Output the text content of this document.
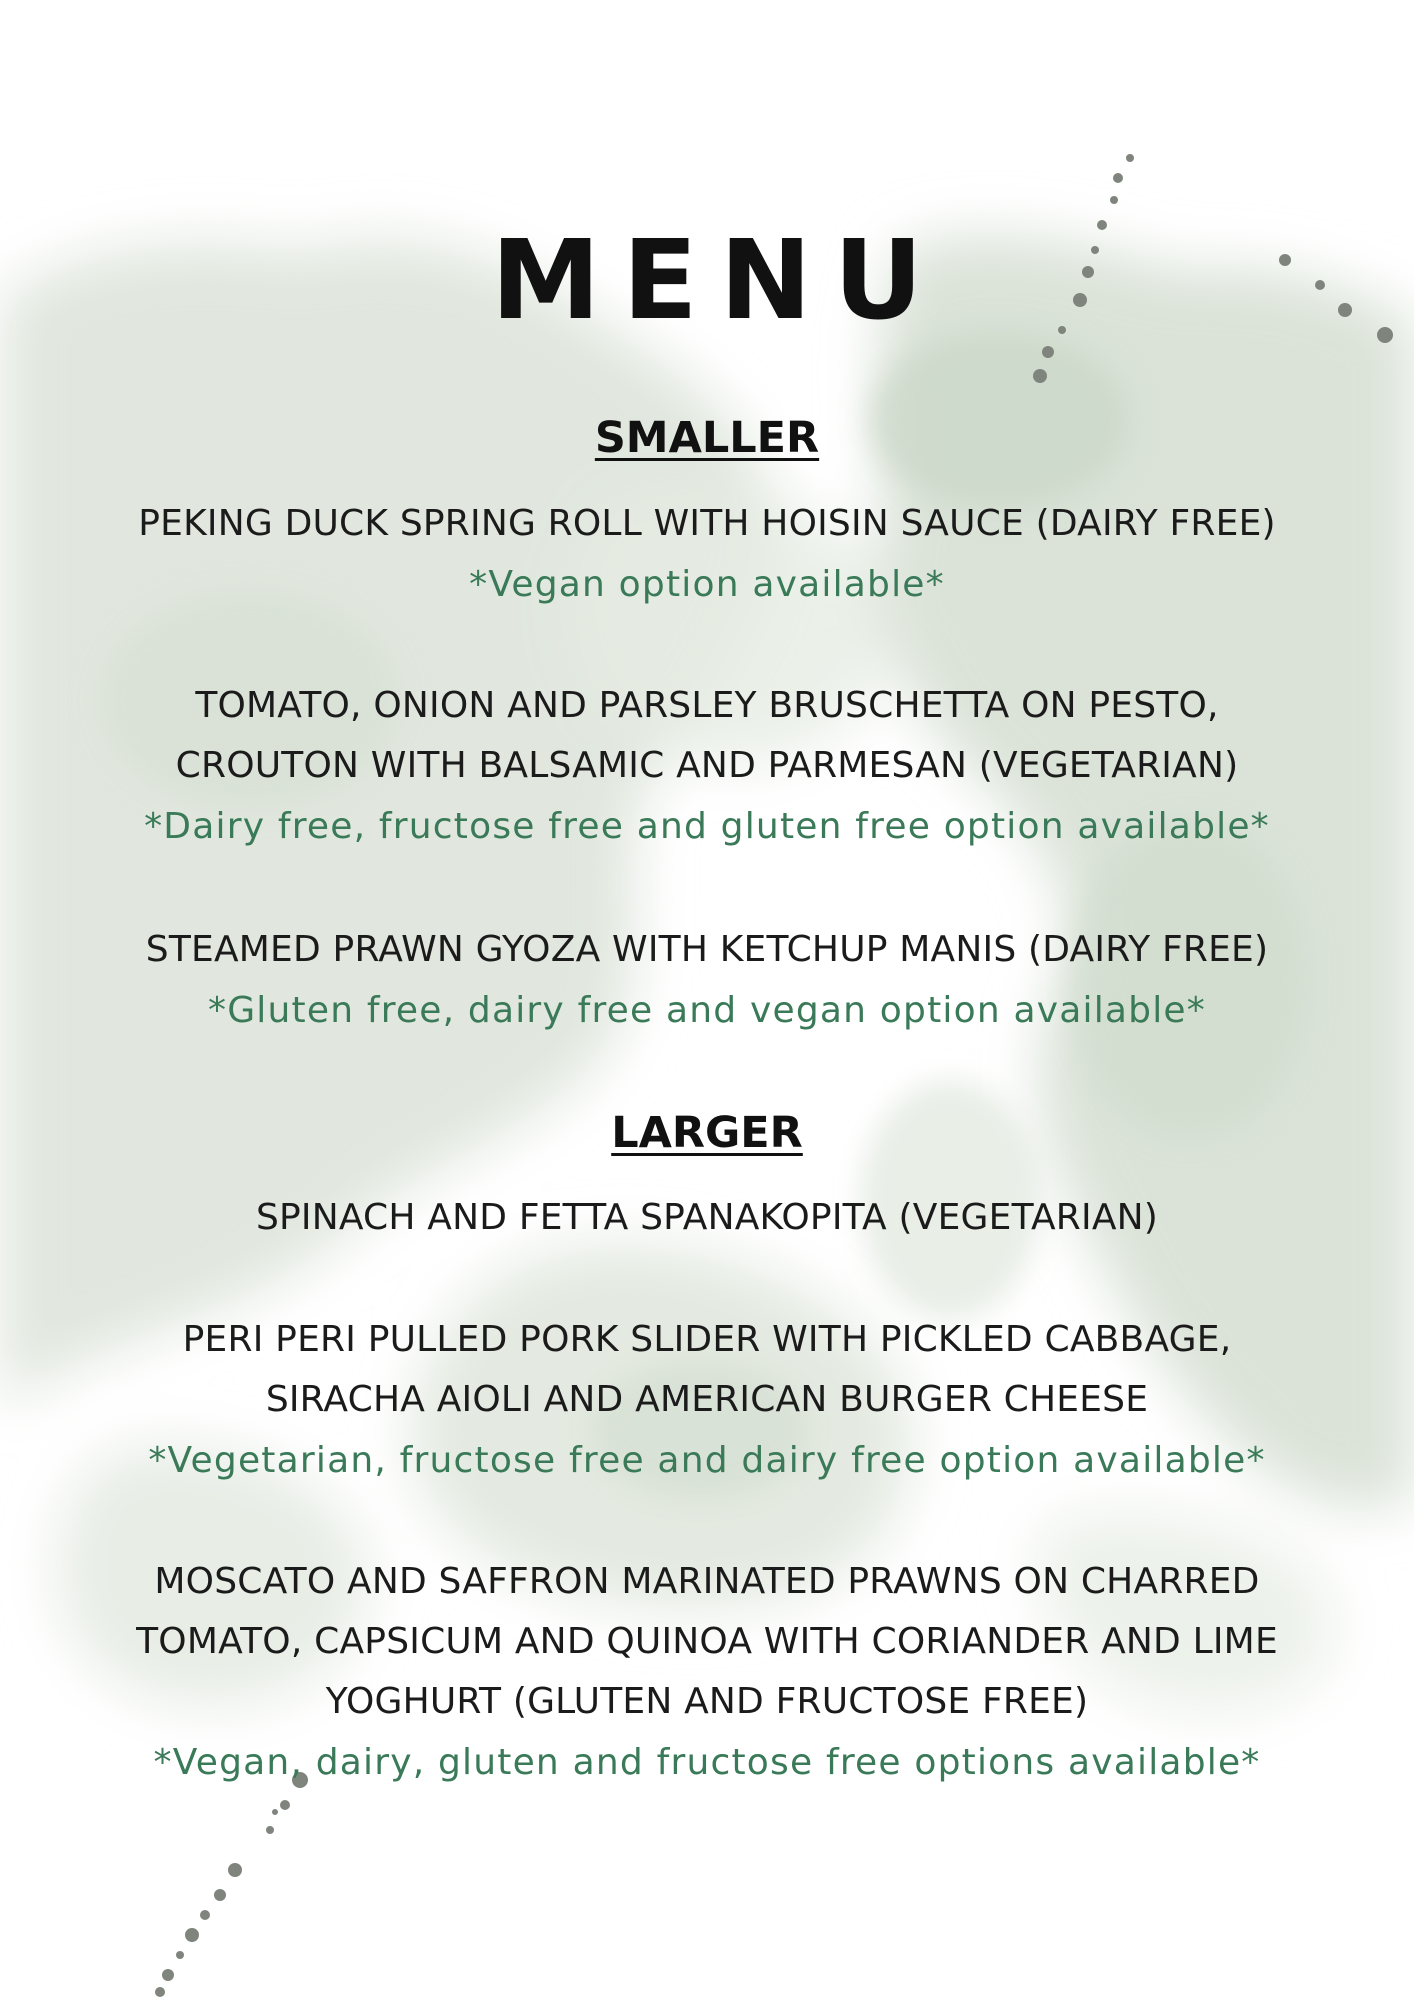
MENU
SMALLER

PEKING DUCK SPRING ROLL WITH HOISIN SAUCE (DAIRY FREE)

*Vegan option available*

TOMATO, ONION AND PARSLEY BRUSCHETTA ON PESTO,

CROUTON WITH BALSAMIC AND PARMESAN (VEGETARIAN)

*Dairy free, fructose free and gluten free option available*

STEAMED PRAWN GYOZA WITH KETCHUP MANIS (DAIRY FREE)

*Gluten free, dairy free and vegan option available*

LARGER

SPINACH AND FETTA SPANAKOPITA (VEGETARIAN)

PERI PERI PULLED PORK SLIDER WITH PICKLED CABBAGE,

SIRACHA AIOLI AND AMERICAN BURGER CHEESE

*Vegetarian, fructose free and dairy free option available*

MOSCATO AND SAFFRON MARINATED PRAWNS ON CHARRED

TOMATO, CAPSICUM AND QUINOA WITH CORIANDER AND LIME

YOGHURT (GLUTEN AND FRUCTOSE FREE)

*Vegan, dairy, gluten and fructose free options available*
